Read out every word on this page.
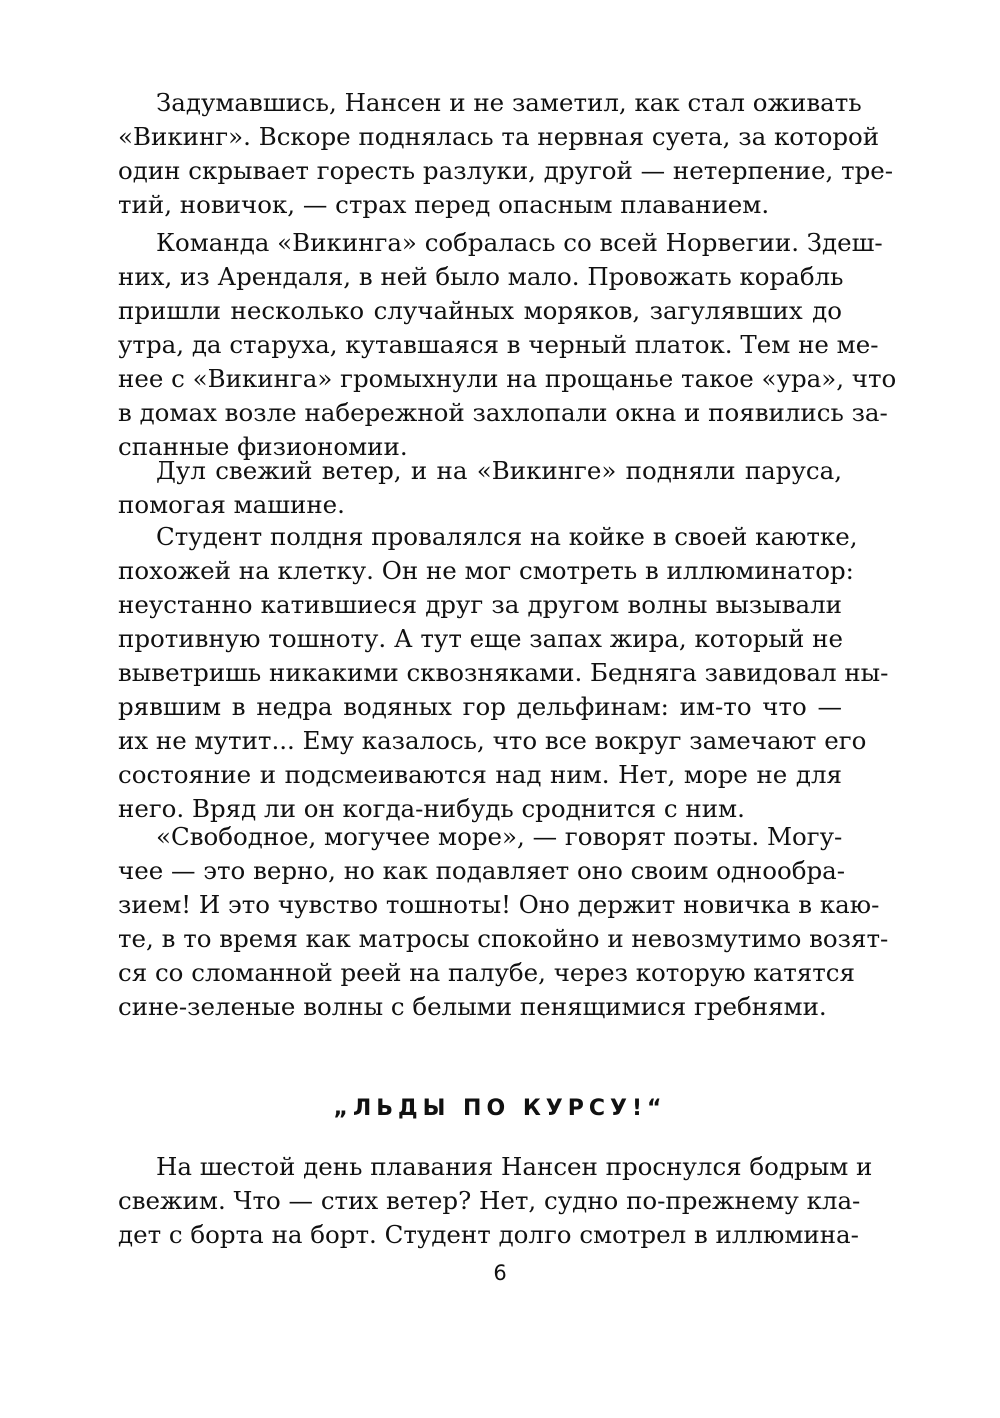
Задумавшись, Нансен и не заметил, как стал оживать
«Викинг». Вскоре поднялась та нервная суета, за которой
один скрывает горесть разлуки, другой — нетерпение, тре-
тий, новичок, — страх перед опасным плаванием.
Команда «Викинга» собралась со всей Норвегии. Здеш-
них, из Арендаля, в ней было мало. Провожать корабль
пришли несколько случайных моряков, загулявших до
утра, да старуха, кутавшаяся в черный платок. Тем не ме-
нее с «Викинга» громыхнули на прощанье такое «ура», что
в домах возле набережной захлопали окна и появились за-
спанные физиономии.
Дул свежий ветер, и на «Викинге» подняли паруса,
помогая машине.
Студент полдня провалялся на койке в своей каютке,
похожей на клетку. Он не мог смотреть в иллюминатор:
неустанно катившиеся друг за другом волны вызывали
противную тошноту. А тут еще запах жира, который не
выветришь никакими сквозняками. Бедняга завидовал ны-
рявшим в недра водяных гор дельфинам: им-то что —
их не мутит... Ему казалось, что все вокруг замечают его
состояние и подсмеиваются над ним. Нет, море не для
него. Вряд ли он когда-нибудь сроднится с ним.
«Свободное, могучее море», — говорят поэты. Могу-
чее — это верно, но как подавляет оно своим однообра-
зием! И это чувство тошноты! Оно держит новичка в каю-
те, в то время как матросы спокойно и невозмутимо возят-
ся со сломанной реей на палубе, через которую катятся
сине-зеленые волны с белыми пенящимися гребнями.
„ЛЬДЫ ПО КУРСУ!“
На шестой день плавания Нансен проснулся бодрым и
свежим. Что — стих ветер? Нет, судно по-прежнему кла-
дет с борта на борт. Студент долго смотрел в иллюмина-
6
